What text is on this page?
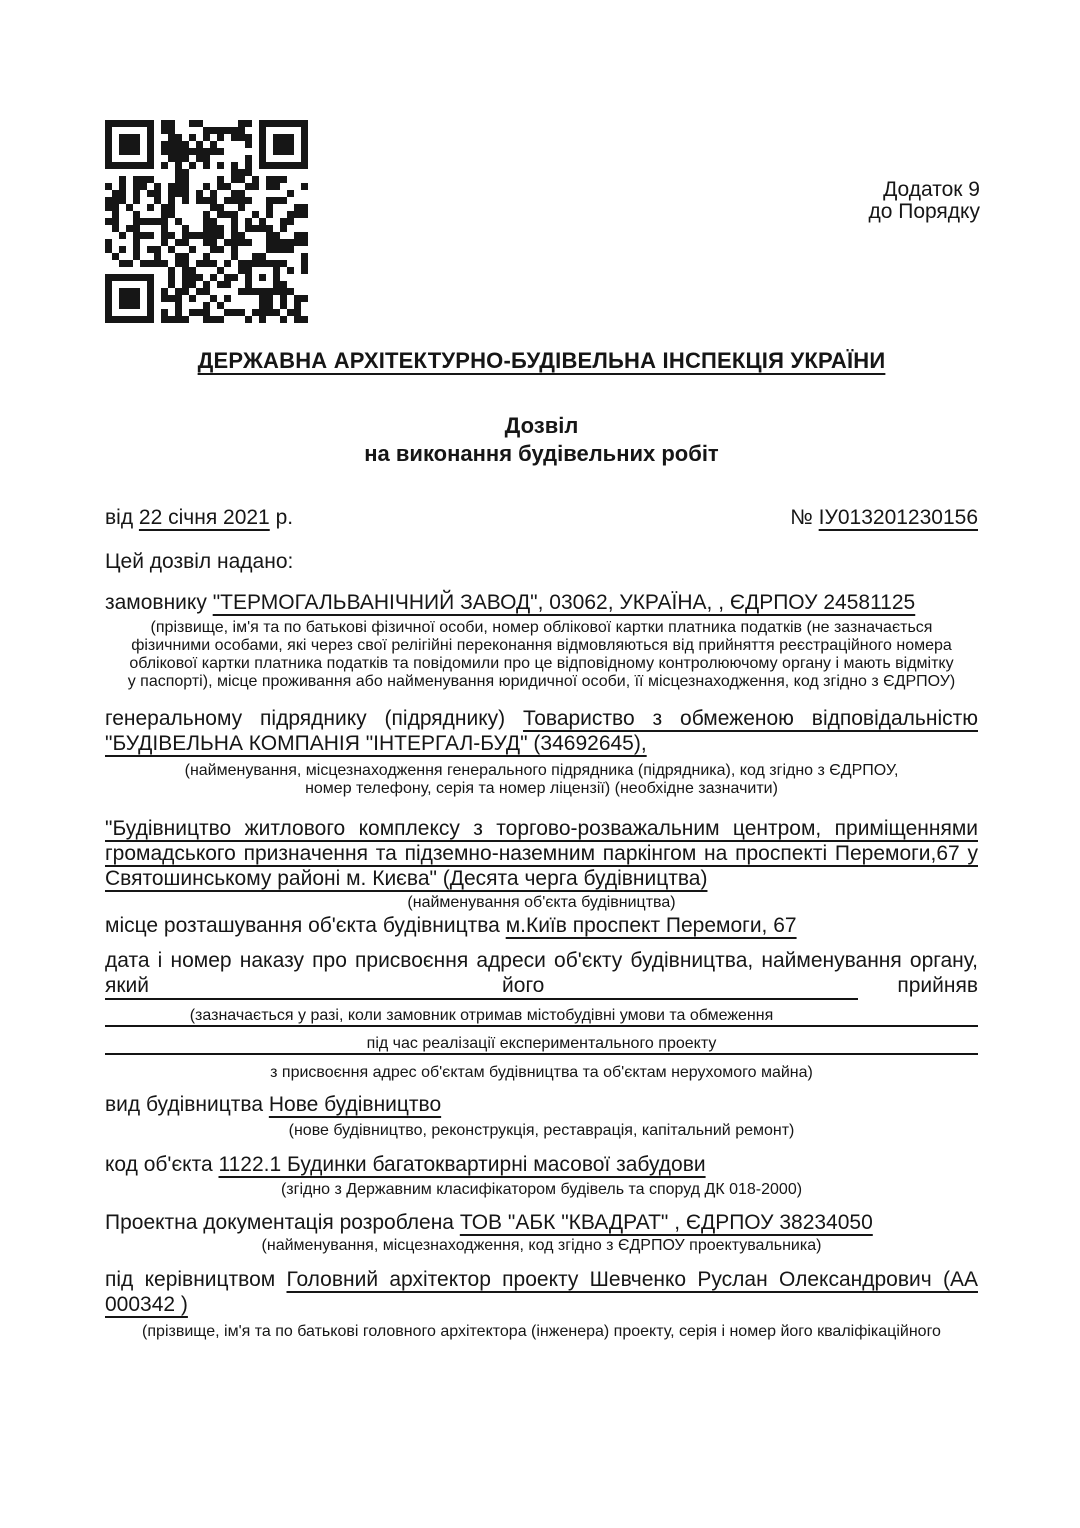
Додаток 9
до Порядку
ДЕРЖАВНА АРХІТЕКТУРНО-БУДІВЕЛЬНА ІНСПЕКЦІЯ УКРАЇНИ
Дозвіл
на виконання будівельних робіт
від 22 січня 2021 р.	№ ІУ013201230156
Цей дозвіл надано:

замовнику "ТЕРМОГАЛЬВАНІЧНИЙ ЗАВОД", 03062, УКРАЇНА, , ЄДРПОУ 24581125

(прізвище, ім'я та по батькові фізичної особи, номер облікової картки платника податків (не зазначається фізичними особами, які через свої релігійні переконання відмовляються від прийняття реєстраційного номера облікової картки платника податків та повідомили про це відповідному контролюючому органу і мають відмітку у паспорті), місце проживання або найменування юридичної особи, її місцезнаходження, код згідно з ЄДРПОУ)

генеральному підряднику (підряднику) Товариство з обмеженою відповідальністю "БУДІВЕЛЬНА КОМПАНІЯ "ІНТЕРГАЛ-БУД" (34692645),

(найменування, місцезнаходження генерального підрядника (підрядника), код згідно з ЄДРПОУ, номер телефону, серія та номер ліцензії) (необхідне зазначити)

"Будівництво житлового комплексу з торгово-розважальним центром, приміщеннями громадського призначення та підземно-наземним паркінгом на проспекті Перемоги,67 у Святошинському районі м. Києва" (Десята черга будівництва)

(найменування об'єкта будівництва)

місце розташування об'єкта будівництва м.Київ проспект Перемоги, 67

дата і номер наказу про присвоєння адреси об'єкту будівництва, найменування органу, який його прийняв

(зазначається у разі, коли замовник отримав містобудівні умови та обмеження

під час реалізації експериментального проекту

з присвоєння адрес об'єктам будівництва та об'єктам нерухомого майна)

вид будівництва Нове будівництво

(нове будівництво, реконструкція, реставрація, капітальний ремонт)

код об'єкта 1122.1 Будинки багатоквартирні масової забудови

(згідно з Державним класифікатором будівель та споруд ДК 018-2000)

Проектна документація розроблена ТОВ "АБК "КВАДРАТ" , ЄДРПОУ 38234050

(найменування, місцезнаходження, код згідно з ЄДРПОУ проектувальника)

під керівництвом Головний архітектор проекту Шевченко Руслан Олександрович (АА 000342 )

(прізвище, ім'я та по батькові головного архітектора (інженера) проекту, серія і номер його кваліфікаційного
